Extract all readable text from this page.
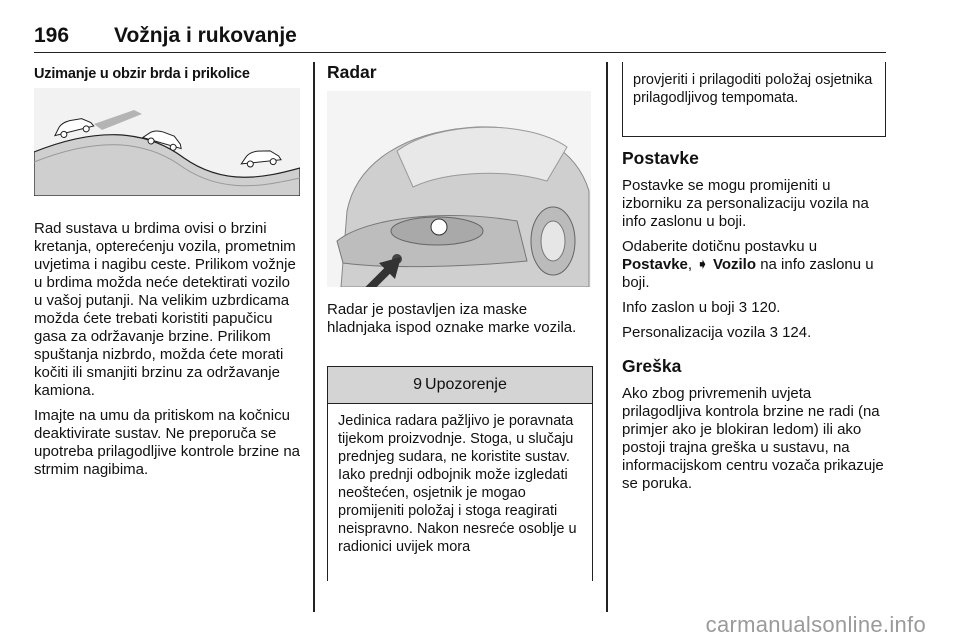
196 Vožnja i rukovanje
Uzimanje u obzir brda i prikolice

Rad sustava u brdima ovisi o brzini kretanja, opterećenju vozila, prometnim uvjetima i nagibu ceste. Prilikom vožnje u brdima možda neće detektirati vozilo u vašoj putanji. Na velikim uzbrdicama možda ćete trebati koristiti papučicu gasa za održavanje brzine. Prilikom spuštanja nizbrdo, možda ćete morati kočiti ili smanjiti brzinu za održavanje kamiona.

Imajte na umu da pritiskom na kočnicu deaktivirate sustav. Ne preporuča se upotreba prilagodljive kontrole brzine na strmim nagibima.

Radar

Radar je postavljen iza maske hladnjaka ispod oznake marke vozila.

9 Upozorenje

Jedinica radara pažljivo je poravnata tijekom proizvodnje. Stoga, u slučaju prednjeg sudara, ne koristite sustav. Iako prednji odbojnik može izgledati neoštećen, osjetnik je mogao promijeniti položaj i stoga reagirati neispravno. Nakon nesreće osoblje u radionici uvijek mora

provjeriti i prilagoditi položaj osjetnika prilagodljivog tempomata.

Postavke

Postavke se mogu promijeniti u izborniku za personalizaciju vozila na info zaslonu u boji.

Odaberite dotičnu postavku u Postavke, ➧ Vozilo na info zaslonu u boji.

Info zaslon u boji 3 120.

Personalizacija vozila 3 124.

Greška

Ako zbog privremenih uvjeta prilagodljiva kontrola brzine ne radi (na primjer ako je blokiran ledom) ili ako postoji trajna greška u sustavu, na informacijskom centru vozača prikazuje se poruka.

carmanualsonline.info
